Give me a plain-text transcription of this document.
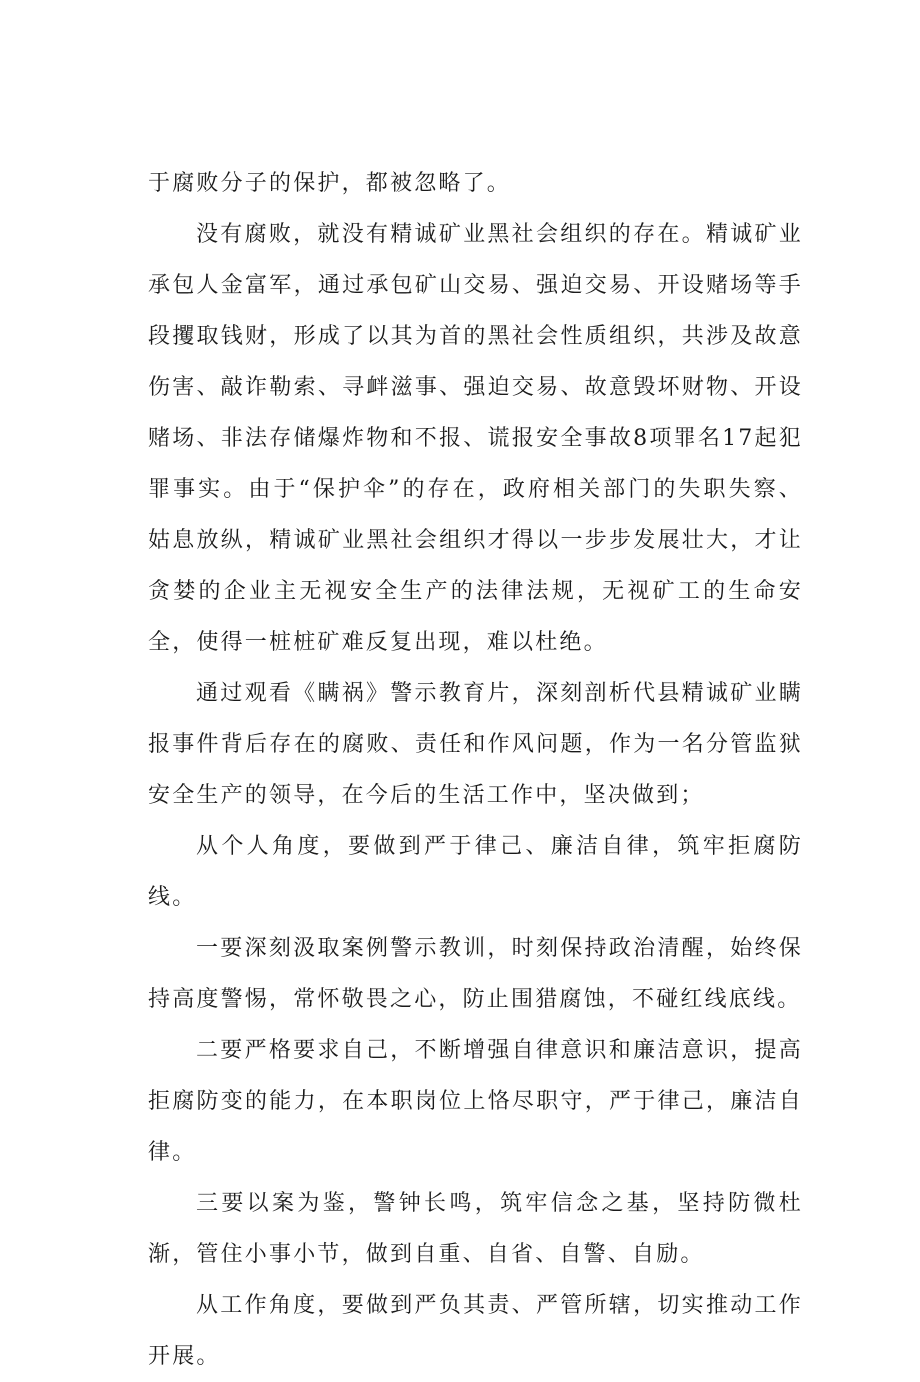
于腐败分子的保护，都被忽略了。

没有腐败，就没有精诚矿业黑社会组织的存在。精诚矿业承包人金富军，通过承包矿山交易、强迫交易、开设赌场等手段攫取钱财，形成了以其为首的黑社会性质组织，共涉及故意伤害、敲诈勒索、寻衅滋事、强迫交易、故意毁坏财物、开设赌场、非法存储爆炸物和不报、谎报安全事故8项罪名17起犯罪事实。由于“保护伞”的存在，政府相关部门的失职失察、姑息放纵，精诚矿业黑社会组织才得以一步步发展壮大，才让贪婪的企业主无视安全生产的法律法规，无视矿工的生命安全，使得一桩桩矿难反复出现，难以杜绝。

通过观看《瞒祸》警示教育片，深刻剖析代县精诚矿业瞒报事件背后存在的腐败、责任和作风问题，作为一名分管监狱安全生产的领导，在今后的生活工作中，坚决做到；

从个人角度，要做到严于律己、廉洁自律，筑牢拒腐防线。

一要深刻汲取案例警示教训，时刻保持政治清醒，始终保持高度警惕，常怀敬畏之心，防止围猎腐蚀，不碰红线底线。

二要严格要求自己，不断增强自律意识和廉洁意识，提高拒腐防变的能力，在本职岗位上恪尽职守，严于律己，廉洁自律。

三要以案为鉴，警钟长鸣，筑牢信念之基，坚持防微杜渐，管住小事小节，做到自重、自省、自警、自励。

从工作角度，要做到严负其责、严管所辖，切实推动工作开展。
